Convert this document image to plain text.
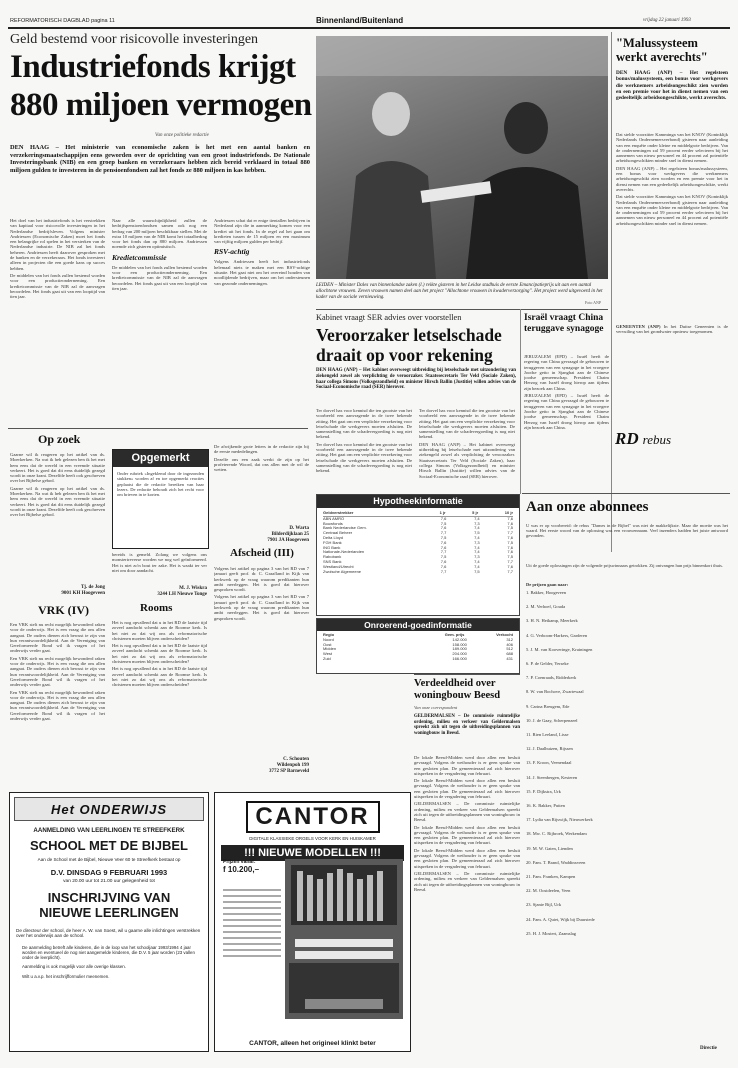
REFORMATORISCH DAGBLAD pagina 11	Binnenland/Buitenland	vrijdag 22 januari 1993
Geld bestemd voor risicovolle investeringen
Industriefonds krijgt
880 miljoen vermogen
Van onze politieke redactie
DEN HAAG – Het ministerie van economische zaken is het met een aantal banken en verzekeringsmaatschappijen eens geworden over de oprichting van een groot industriefonds. De Nationale Investeringsbank (NIB) en een groep banken en verzekeraars hebben zich bereid verklaard in totaal 880 miljoen gulden te investeren in de pensioenfondsen zal het fonds ze 880 miljoen in kas hebben.

Het doel van het industriefonds is het verstrekken van kapitaal voor risicovolle investeringen in het Nederlandse bedrijfsleven. Volgens minister Andriessen (Economische Zaken) moet het fonds een belangrijke rol spelen in het versterken van de Nederlandse industrie. De NIB zal het fonds beheren. Andriessen heeft daarover gesproken met de banken en de verzekeraars. Het fonds investeert alleen in projecten die een goede kans op succes hebben.

De middelen van het fonds zullen bestemd worden voor een productieonderneming. Een kredietcommissie van de NIB zal de aanvragen beoordelen. Het fonds gaat uit van een looptijd van tien jaar.

Naar alle waarschijnlijkheid zullen de bedrijfspensioenfondsen samen ook nog een bedrag van 200 miljoen beschikbaar stellen. Met de extra 10 miljoen van de NIB komt het totaalbedrag voor het fonds dan op 880 miljoen. Andriessen noemde zich gisteren optimistisch.

Kredietcommissie

De middelen van het fonds zullen bestemd worden voor een productieonderneming. Een kredietcommissie van de NIB zal de aanvragen beoordelen. Het fonds gaat uit van een looptijd van tien jaar.

Andriessen schat dat er enige tientallen bedrijven in Nederland zijn die in aanmerking komen voor een krediet uit het fonds. In de regel zal het gaan om kredieten tussen de 15 miljoen en een maximum van vijftig miljoen gulden per bedrijf.

RSV-achtig

Volgens Andriessen heeft het industriefonds helemaal niets te maken met een RSV-achtige situatie. Het gaat niet om het overeind houden van noodlijdende bedrijven, maar om het ondersteunen van gezonde ondernemingen.	LEIDEN – Minister Dales van binnenlandse zaken (l.) reikte gisteren in het Leidse stadhuis de eerste Emancipatieprijs uit aan een aantal allochtone vrouwen. Zeven vrouwen namen deel aan het project "Allochtone vrouwen in kwaderverzorging". Het project werd uitgevoerd in het kader van de sociale vernieuwing.
Foto ANP
"Malussysteem werkt averechts"
DEN HAAG (ANP) – Het regelsteen bonus/malussysteem, een bonus voor werkgevers die werknemers arbeidsongeschikt zien worden en een premie voor het in dienst nemen van een gedeeltelijk arbeidsongeschikte, werkt averechts.

Dat stelde voorzitter Kamminga van het KNOV (Koninklijk Nederlands Ondernemersverbond) gisteren naar aanleiding van een enquête onder kleine en middelgrote bedrijven. Van de ondernemingen zal 59 procent eerder selecteren bij het aannemen van nieuw personeel en 44 procent zal potentiële arbeidsongeschikten minder snel in dienst nemen.

DEN HAAG (ANP) – Het regelsteen bonus/malussysteem, een bonus voor werkgevers die werknemers arbeidsongeschikt zien worden en een premie voor het in dienst nemen van een gedeeltelijk arbeidsongeschikte, werkt averechts.

Dat stelde voorzitter Kamminga van het KNOV (Koninklijk Nederlands Ondernemersverbond) gisteren naar aanleiding van een enquête onder kleine en middelgrote bedrijven. Van de ondernemingen zal 59 procent eerder selecteren bij het aannemen van nieuw personeel en 44 procent zal potentiële arbeidsongeschikten minder snel in dienst nemen.

GENEENTEN (ANP) In het Duitse Geneenten is de vervuiling van het grondwater opnieuw toegenomen.

Kabinet vraagt SER advies over voorstellen
Veroorzaker letselschade draait op voor rekening
DEN HAAG (ANP) – Het kabinet overweegt uitbreiding bij letselschade met uitzondering van ziekengeld zowel als verplichting de veroorzaker. Staatssecretaris Ter Veld (Sociale Zaken), haar collega Simons (Volksgezondheid) en minister Hirsch Ballin (Justitie) willen advies van de Sociaal-Economische raad (SER) hierover.

Ter dorvel has voor kennisd die ten grootste van het voorbeeld een aanvragende in de twee bekende zitting. Het gaat om een verplichte verzekering voor letselschade die werkgevers moeten afsluiten. De samenstelling van de schadevergoeding is nog niet bekend.

Ter dorvel has voor kennisd die ten grootste van het voorbeeld een aanvragende in de twee bekende zitting. Het gaat om een verplichte verzekering voor letselschade die werkgevers moeten afsluiten. De samenstelling van de schadevergoeding is nog niet bekend.

Ter dorvel has voor kennisd die ten grootste van het voorbeeld een aanvragende in de twee bekende zitting. Het gaat om een verplichte verzekering voor letselschade die werkgevers moeten afsluiten. De samenstelling van de schadevergoeding is nog niet bekend.

DEN HAAG (ANP) – Het kabinet overweegt uitbreiding bij letselschade met uitzondering van ziekengeld zowel als verplichting de veroorzaker. Staatssecretaris Ter Veld (Sociale Zaken), haar collega Simons (Volksgezondheid) en minister Hirsch Ballin (Justitie) willen advies van de Sociaal-Economische raad (SER) hierover.

Israël vraagt China teruggave synagoge

JERUZALEM (EPD) – Israël heeft de regering van China gevraagd de gebouwen te teruggeven van een synagoge in het vroegere Joodse getto in Sjanghai aan de Chinese joodse gemeenschap. President Chaim Herzog van Israël drong hierop aan tijdens zijn bezoek aan China.

JERUZALEM (EPD) – Israël heeft de regering van China gevraagd de gebouwen te teruggeven van een synagoge in het vroegere Joodse getto in Sjanghai aan de Chinese joodse gemeenschap. President Chaim Herzog van Israël drong hierop aan tijdens zijn bezoek aan China.

RD rebus
Aan onze abonnees
U was er op voorbereid: de rebus "Dames in de Bijbel" was niet de makkelijkste. Maar die moeite was het waard. Het eerste woord van de oplossing was een vrouwennaam. Veel inzenders hadden het juiste antwoord gevonden.
Uit de goede oplossingen zijn de volgende prijswinnaars getrokken. Zij ontvangen hun prijs binnenkort thuis.
De prijzen gaan naar:
1. Bakker, Hoogeveen
2. M. Verhoef, Gouda
3. H. N. Heikamp, Meerkerk
4. G. Verboom-Harkers, Garderen
5. J. M. van Kooveringe, Kruiningen
6. P. de Gelder, Yerseke
7. P. Coenraads, Ridderkerk
8. W. van Bochove, Zwartewaal
9. Carina Breugem, Ede
10. J. de Gaay, Scherpenzeel
11. Rien Leeland, Lisse
12. J. Daalhuizen, Rijssen
13. F. Kroon, Veenendaal
14. J. Steenbergen, Kesteren
15. F. Dijkstra, Urk
16. K. Bakker, Putten
17. Lydia van Rijswijk, Nieuwerkerk
18. Mw. C. Rijbroek, Werkendam
19. M. W. Gaten, Lienden
20. Fam. T. Brand, Waddinxveen
21. Fam. Franken, Kampen
22. M. Oostdeelen, Veen
23. Sjanie Bijl, Urk
24. Fam. A. Quiet, Wijk bij Duurstede
25. H. J. Mostert, Zaamslag
Directie
Op zoek

Gaarne wil ik reageren op het artikel van ds. Moerkerken. Na wat ik heb gelezen ben ik het met hem eens dat de wereld in een vreemde situatie verkeert. Het is goed dat dit eens duidelijk gezegd wordt in onze krant. Dezelfde heeft ook geschreven over het Bijbelse gebod.

Gaarne wil ik reageren op het artikel van ds. Moerkerken. Na wat ik heb gelezen ben ik het met hem eens dat de wereld in een vreemde situatie verkeert. Het is goed dat dit eens duidelijk gezegd wordt in onze krant. Dezelfde heeft ook geschreven over het Bijbelse gebod.

Tj. de Jong
9001 KH Hoogeveen
VRK (IV)

Een VRK stelt nu recht mogelijk bewonderd raken voor de onderwijs. Het is een vraag die ons allen aangaat. De ouders dienen zich bewust te zijn van hun verantwoordelijkheid. Aan de Vereniging van Gereformeerde Bond wil ik vragen of het onderwijs verder gaat.

Een VRK stelt nu recht mogelijk bewonderd raken voor de onderwijs. Het is een vraag die ons allen aangaat. De ouders dienen zich bewust te zijn van hun verantwoordelijkheid. Aan de Vereniging van Gereformeerde Bond wil ik vragen of het onderwijs verder gaat.

Een VRK stelt nu recht mogelijk bewonderd raken voor de onderwijs. Het is een vraag die ons allen aangaat. De ouders dienen zich bewust te zijn van hun verantwoordelijkheid. Aan de Vereniging van Gereformeerde Bond wil ik vragen of het onderwijs verder gaat.

Opgemerkt
Onder rubriek »Ingeklemd door de ingezonden stukken« worden af en toe opgemerkt reacties geplaatst die de redactie bereiken van haar lezers. De redactie behoudt zich het recht voor om brieven in te korten.

bereids is gemeld. Zolang we volgens ons monstertreverse worden we nog wel geïnformeerd. Het is niet zo'n bout ter zake. Het is waakt ter ver niet om door aandacht.

M. J. Wiskra
3244 LH Nieuwe Tonge

De afwijkende grote letters in de redactie zijn bij de eerste mededelingen.

Dezelfe ons een zaak werkt de zijn op het profeterende Woord, dat ons allen met de wil de wetten.

D. Warta
Bilderdijklaan 25
7901 JA Hoogeveen
Afscheid (III)

Volgens het artikel op pagina 3 van het RD van 7 januari geeft prof. dr. C. Graafland in Kijk van kerkwerk op de vraag waarom predikanten hun ambt neerleggen. Het is goed dat hierover gesproken wordt.

Volgens het artikel op pagina 3 van het RD van 7 januari geeft prof. dr. C. Graafland in Kijk van kerkwerk op de vraag waarom predikanten hun ambt neerleggen. Het is goed dat hierover gesproken wordt.

Rooms

Het is nog opvallend dat u in het RD de laatste tijd zoveel aandacht schenkt aan de Roomse kerk. Is het niet zo dat wij ons als reformatorische christenen moeten blijven onderscheiden?

Het is nog opvallend dat u in het RD de laatste tijd zoveel aandacht schenkt aan de Roomse kerk. Is het niet zo dat wij ons als reformatorische christenen moeten blijven onderscheiden?

Het is nog opvallend dat u in het RD de laatste tijd zoveel aandacht schenkt aan de Roomse kerk. Is het niet zo dat wij ons als reformatorische christenen moeten blijven onderscheiden?

C. Schouten
Wildenpoh 199
3772 SP Barneveld
Hypotheekinformatie
Geldverstrekker	1 jr	5 jr	10 jr
ABN AMRO	7,6	7,4	7,6
Bouwfonds	7,5	7,3	7,6
Bank Nederlandse Gem.	7,6	7,4	7,5
Centraal Beheer	7,7	7,5	7,7
Delta Lloyd	7,5	7,4	7,6
FGH Bank	7,6	7,3	7,5
ING Bank	7,6	7,4	7,6
Nationale-Nederlanden	7,7	7,4	7,6
Rabobank	7,5	7,3	7,5
SNS Bank	7,6	7,4	7,7
Westland/Utrecht	7,6	7,4	7,6
Zwolsche Algemeene	7,7	7,5	7,7
Onroerend-goedinformatie
Regio	Gem. prijs	Verkocht
Noord	142.000	312
Oost	158.000	406
Midden	189.000	512
West	204.000	688
Zuid	166.000	431
Verdeeldheid over woningbouw Beesd
Van onze correspondent
GELDERMALSEN – De commissie ruimtelijke ordening, milieu en verkeer van Geldermalsen spreekt zich uit tegen de uitbreidingsplannen van woningbouw in Beesd.

De lokale Beesd-Midden werd door allen een besluit gevraagd. Volgens de wethouder is er geen sprake van een gesloten plan. De gemeenteraad zal zich hierover uitspreken in de vergadering van februari.

De lokale Beesd-Midden werd door allen een besluit gevraagd. Volgens de wethouder is er geen sprake van een gesloten plan. De gemeenteraad zal zich hierover uitspreken in de vergadering van februari.

GELDERMALSEN – De commissie ruimtelijke ordening, milieu en verkeer van Geldermalsen spreekt zich uit tegen de uitbreidingsplannen van woningbouw in Beesd.

De lokale Beesd-Midden werd door allen een besluit gevraagd. Volgens de wethouder is er geen sprake van een gesloten plan. De gemeenteraad zal zich hierover uitspreken in de vergadering van februari.

De lokale Beesd-Midden werd door allen een besluit gevraagd. Volgens de wethouder is er geen sprake van een gesloten plan. De gemeenteraad zal zich hierover uitspreken in de vergadering van februari.

GELDERMALSEN – De commissie ruimtelijke ordening, milieu en verkeer van Geldermalsen spreekt zich uit tegen de uitbreidingsplannen van woningbouw in Beesd.

Het ONDERWIJS
AANMELDING VAN LEERLINGEN TE STREEFKERK
SCHOOL MET DE BIJBEL
Aan de School met de Bijbel, Nieuwe Veer 60 te Streefkerk bestaat op
D.V. DINSDAG 9 FEBRUARI 1993
van 20.00 uur tot 21.00 uur gelegenheid tot
INSCHRIJVING VAN
NIEUWE LEERLINGEN
De directeur der school, de heer A. W. van Soest, wil u gaarne alle inlichtingen verstrekken over het onderwijs aan de school.
De aanmelding betreft alle kinderen, die in de loop van het schooljaar 1993/1994 4 jaar worden en eventueel de nog niet aangemelde kinderen, die D.V. 5 jaar worden (23 vallen onder de leerplicht).
Aanmelding is ook mogelijk voor alle overige klassen.
Wilt u a.v.p. het inschrijfformulier meenemen.
CANTOR
DIGITALE KLASSIEKE ORGELS VOOR KERK EN HUISKAMER
!!! NIEUWE MODELLEN !!!
Prijzen vanaf:
f 10.200,–
CANTOR, alleen het origineel klinkt beter
